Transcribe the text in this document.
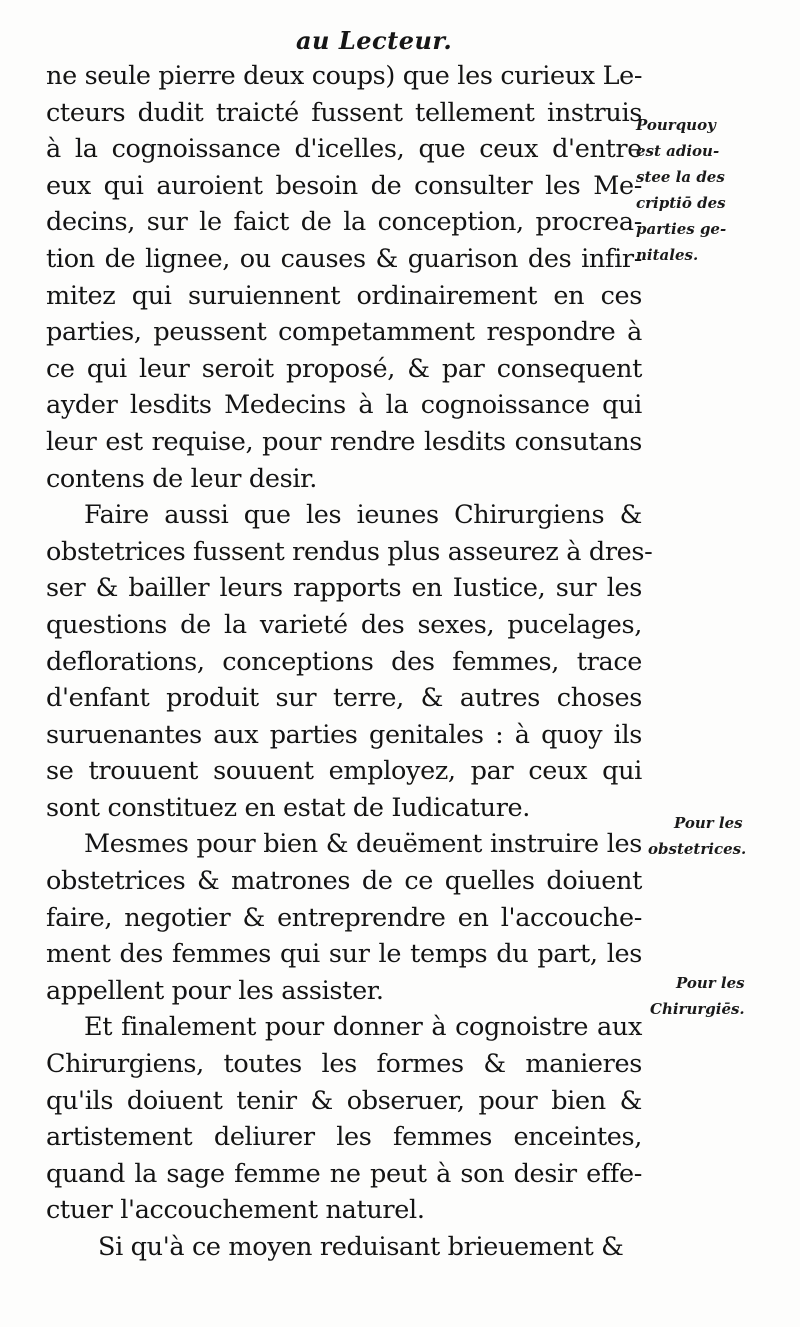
au Lecteur.
ne seule pierre deux coups) que les curieux Le-
cteurs dudit traicté fussent tellement instruis
à la cognoissance d'icelles, que ceux d'entre
eux qui auroient besoin de consulter les Me-
decins, sur le faict de la conception, procrea-
tion de lignee, ou causes & guarison des infir-
mitez qui suruiennent ordinairement en ces
parties, peussent competamment respondre à
ce qui leur seroit proposé, & par consequent
ayder lesdits Medecins à la cognoissance qui
leur est requise, pour rendre lesdits consutans
contens de leur desir.
Faire aussi que les ieunes Chirurgiens &
obstetrices fussent rendus plus asseurez à dres-
ser & bailler leurs rapports en Iustice, sur les
questions de la varieté des sexes, pucelages,
deflorations, conceptions des femmes, trace
d'enfant produit sur terre, & autres choses
suruenantes aux parties genitales : à quoy ils
se trouuent souuent employez, par ceux qui
sont constituez en estat de Iudicature.
Mesmes pour bien & deuëment instruire les
obstetrices & matrones de ce quelles doiuent
faire, negotier & entreprendre en l'accouche-
ment des femmes qui sur le temps du part, les
appellent pour les assister.
Et finalement pour donner à cognoistre aux
Chirurgiens, toutes les formes & manieres
qu'ils doiuent tenir & obseruer, pour bien &
artistement deliurer les femmes enceintes,
quand la sage femme ne peut à son desir effe-
ctuer l'accouchement naturel.
Si qu'à ce moyen reduisant brieuement &
Pourquoy
est adiou-
stee la des
criptiō des
parties ge-
nitales.
Pour les
obstetrices.
Pour les
Chirurgiēs.
